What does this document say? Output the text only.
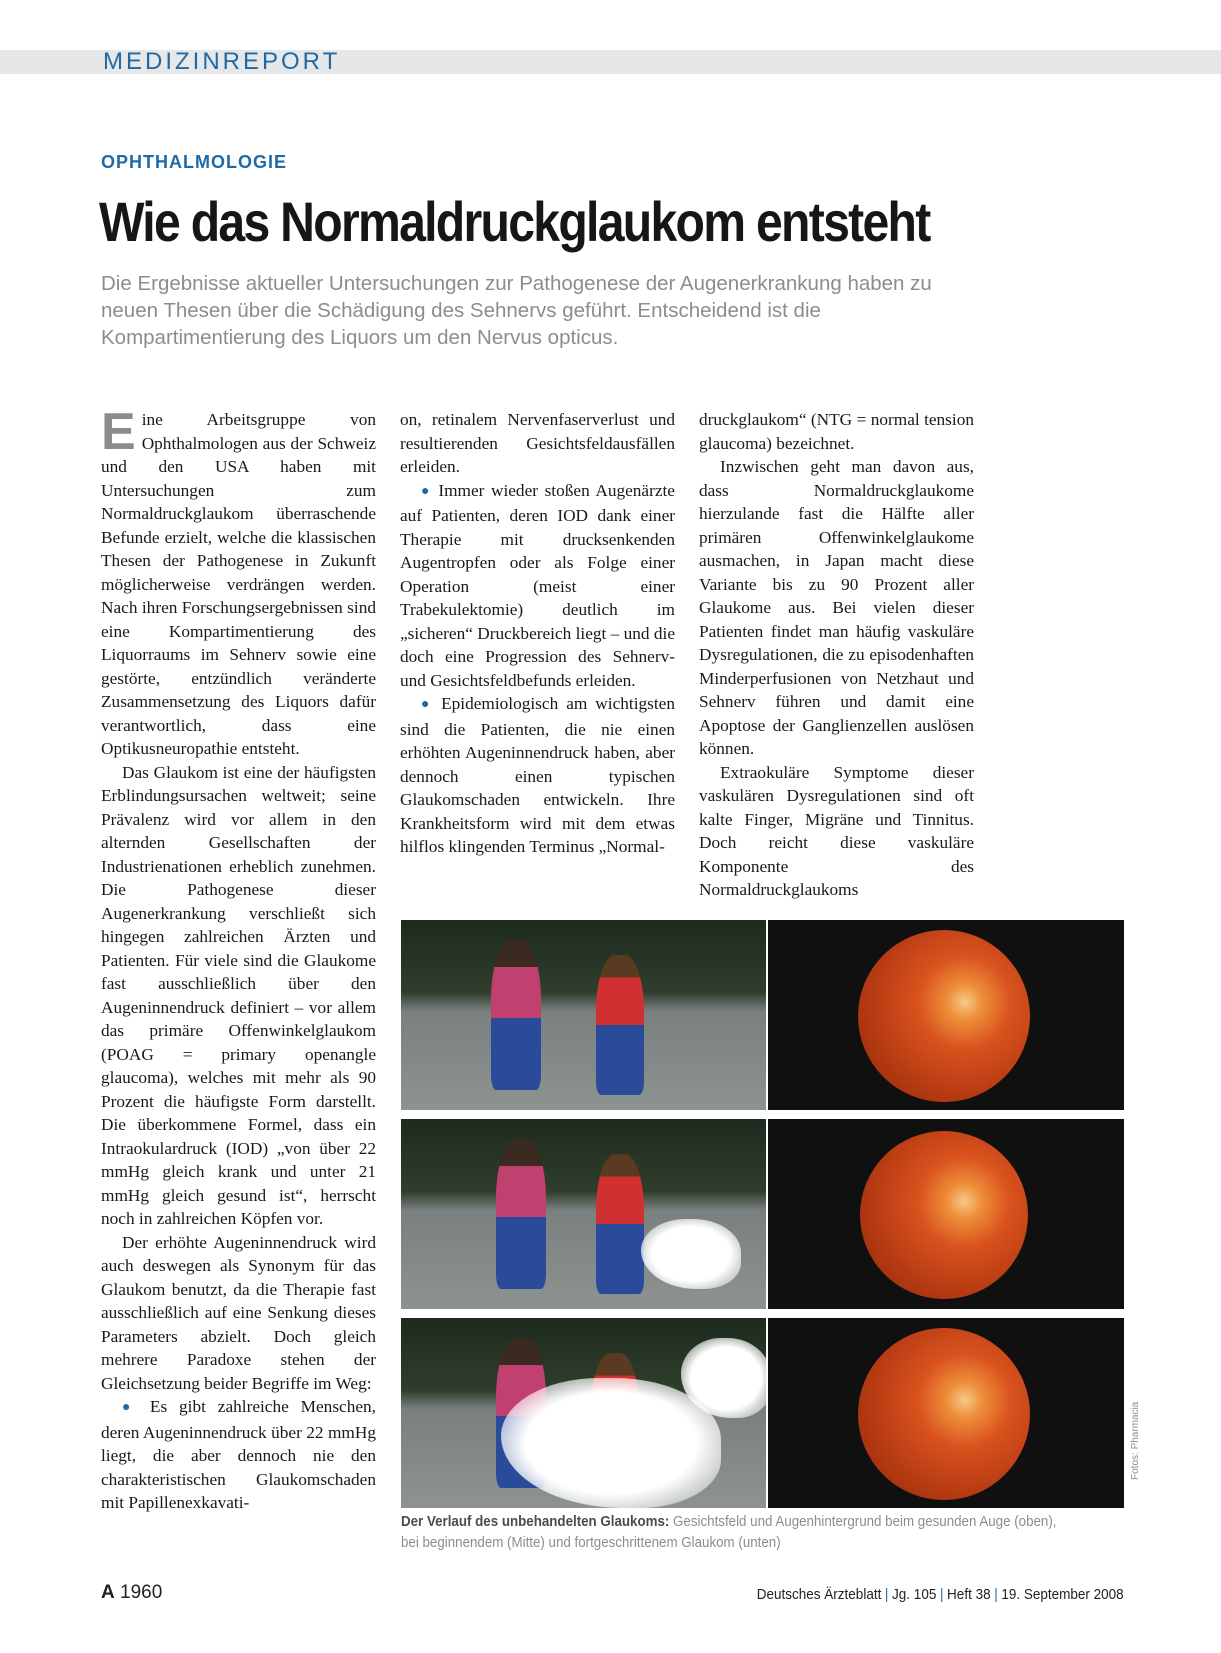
MEDIZINREPORT
OPHTHALMOLOGIE
Wie das Normaldruckglaukom entsteht

Die Ergebnisse aktueller Untersuchungen zur Pathogenese der Augenerkrankung haben zu neuen Thesen über die Schädigung des Sehnervs geführt. Entscheidend ist die Kompartimentierung des Liquors um den Nervus opticus.

Eine Arbeitsgruppe von Ophthalmologen aus der Schweiz und den USA haben mit Untersuchungen zum Normaldruckglaukom überraschende Befunde erzielt, welche die klassischen Thesen der Pathogenese in Zukunft möglicherweise verdrängen werden. Nach ihren Forschungsergebnissen sind eine Kompartimentierung des Liquorraums im Sehnerv sowie eine gestörte, entzündlich veränderte Zusammensetzung des Liquors dafür verantwortlich, dass eine Optikusneuropathie entsteht.

Das Glaukom ist eine der häufigsten Erblindungsursachen weltweit; seine Prävalenz wird vor allem in den alternden Gesellschaften der Industrienationen erheblich zunehmen. Die Pathogenese dieser Augenerkrankung verschließt sich hingegen zahlreichen Ärzten und Patienten. Für viele sind die Glaukome fast ausschließlich über den Augeninnendruck definiert – vor allem das primäre Offenwinkelglaukom (POAG = primary openangle glaucoma), welches mit mehr als 90 Prozent die häufigste Form darstellt. Die überkommene Formel, dass ein Intraokulardruck (IOD) „von über 22 mmHg gleich krank und unter 21 mmHg gleich gesund ist“, herrscht noch in zahlreichen Köpfen vor.

Der erhöhte Augeninnendruck wird auch deswegen als Synonym für das Glaukom benutzt, da die Therapie fast ausschließlich auf eine Senkung dieses Parameters abzielt. Doch gleich mehrere Paradoxe stehen der Gleichsetzung beider Begriffe im Weg:

● Es gibt zahlreiche Menschen, deren Augeninnendruck über 22 mmHg liegt, die aber dennoch nie den charakteristischen Glaukomschaden mit Papillenexkavati-

on, retinalem Nervenfaserverlust und resultierenden Gesichtsfeldausfällen erleiden.

● Immer wieder stoßen Augenärzte auf Patienten, deren IOD dank einer Therapie mit drucksenkenden Augentropfen oder als Folge einer Operation (meist einer Trabekulektomie) deutlich im „sicheren“ Druckbereich liegt – und die doch eine Progression des Sehnerv- und Gesichtsfeldbefunds erleiden.

● Epidemiologisch am wichtigsten sind die Patienten, die nie einen erhöhten Augeninnendruck haben, aber dennoch einen typischen Glaukomschaden entwickeln. Ihre Krankheitsform wird mit dem etwas hilflos klingenden Terminus „Normal-

druckglaukom“ (NTG = normal tension glaucoma) bezeichnet.

Inzwischen geht man davon aus, dass Normaldruckglaukome hierzulande fast die Hälfte aller primären Offenwinkelglaukome ausmachen, in Japan macht diese Variante bis zu 90 Prozent aller Glaukome aus. Bei vielen dieser Patienten findet man häufig vaskuläre Dysregulationen, die zu episodenhaften Minderperfusionen von Netzhaut und Sehnerv führen und damit eine Apoptose der Ganglienzellen auslösen können.

Extraokuläre Symptome dieser vaskulären Dysregulationen sind oft kalte Finger, Migräne und Tinnitus. Doch reicht diese vaskuläre Komponente des Normaldruckglaukoms

Fotos: Pharmacia

Der Verlauf des unbehandelten Glaukoms: Gesichtsfeld und Augenhintergrund beim gesunden Auge (oben), bei beginnendem (Mitte) und fortgeschrittenem Glaukom (unten)

A 1960	Deutsches Ärzteblatt | Jg. 105 | Heft 38 | 19. September 2008
